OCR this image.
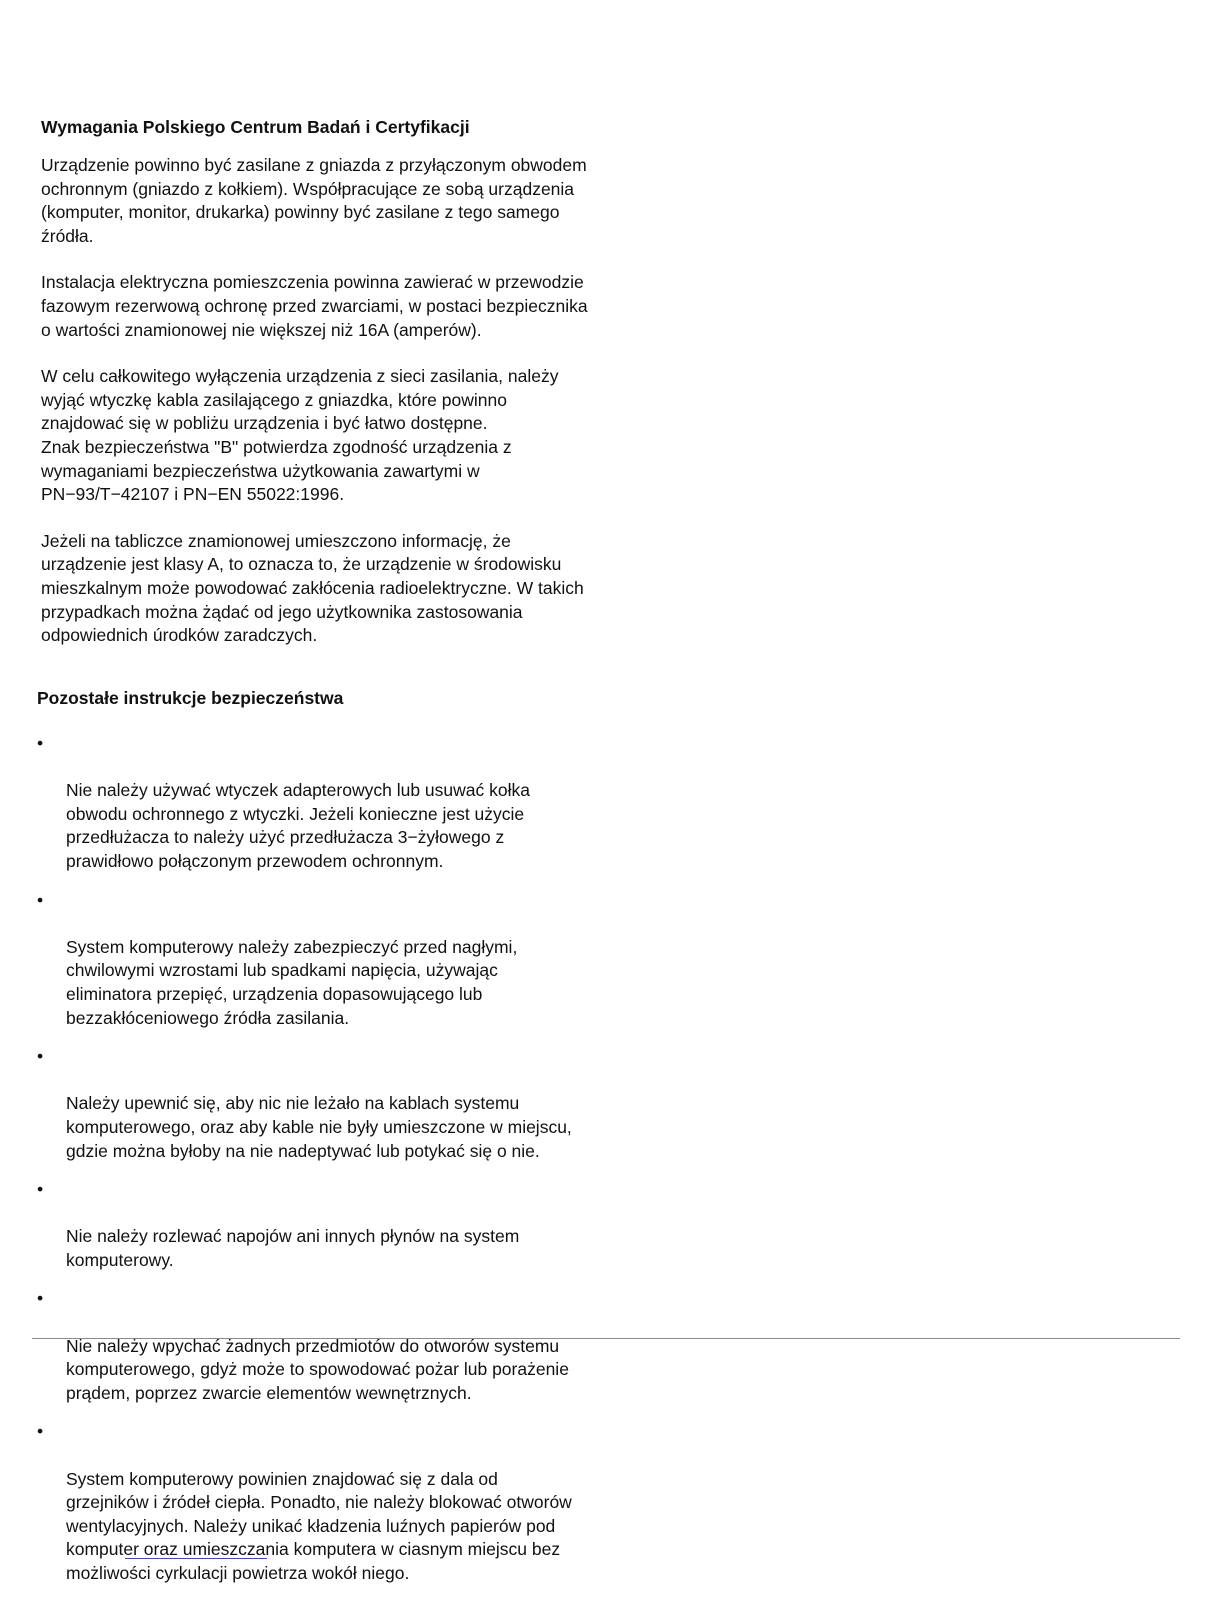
Wymagania Polskiego Centrum Badań i Certyfikacji

Urządzenie powinno być zasilane z gniazda z przyłączonym obwodem
ochronnym (gniazdo z kołkiem). Współpracujące ze sobą urządzenia
(komputer, monitor, drukarka) powinny być zasilane z tego samego
źródła.

Instalacja elektryczna pomieszczenia powinna zawierać w przewodzie
fazowym rezerwową ochronę przed zwarciami, w postaci bezpiecznika
o wartości znamionowej nie większej niż 16A (amperów).

W celu całkowitego wyłączenia urządzenia z sieci zasilania, należy
wyjąć wtyczkę kabla zasilającego z gniazdka, które powinno
znajdować się w pobliżu urządzenia i być łatwo dostępne.
Znak bezpieczeństwa "B" potwierdza zgodność urządzenia z
wymaganiami bezpieczeństwa użytkowania zawartymi w
PN−93/T−42107 i PN−EN 55022:1996.

Jeżeli na tabliczce znamionowej umieszczono informację, że
urządzenie jest klasy A, to oznacza to, że urządzenie w środowisku
mieszkalnym może powodować zakłócenia radioelektryczne. W takich
przypadkach można żądać od jego użytkownika zastosowania
odpowiednich úrodków zaradczych.

Pozostałe instrukcje bezpieczeństwa

•

Nie należy używać wtyczek adapterowych lub usuwać kołka
obwodu ochronnego z wtyczki. Jeżeli konieczne jest użycie
przedłużacza to należy użyć przedłużacza 3−żyłowego z
prawidłowo połączonym przewodem ochronnym.

•

System komputerowy należy zabezpieczyć przed nagłymi,
chwilowymi wzrostami lub spadkami napięcia, używając
eliminatora przepięć, urządzenia dopasowującego lub
bezzakłóceniowego źródła zasilania.

•

Należy upewnić się, aby nic nie leżało na kablach systemu
komputerowego, oraz aby kable nie były umieszczone w miejscu,
gdzie można byłoby na nie nadeptywać lub potykać się o nie.

•

Nie należy rozlewać napojów ani innych płynów na system
komputerowy.

•

Nie należy wpychać żadnych przedmiotów do otworów systemu
komputerowego, gdyż może to spowodować pożar lub porażenie
prądem, poprzez zwarcie elementów wewnętrznych.

•

System komputerowy powinien znajdować się z dala od
grzejników i źródeł ciepła. Ponadto, nie należy blokować otworów
wentylacyjnych. Należy unikać kładzenia luźnych papierów pod
komputer oraz umieszczania komputera w ciasnym miejscu bez
możliwości cyrkulacji powietrza wokół niego.
